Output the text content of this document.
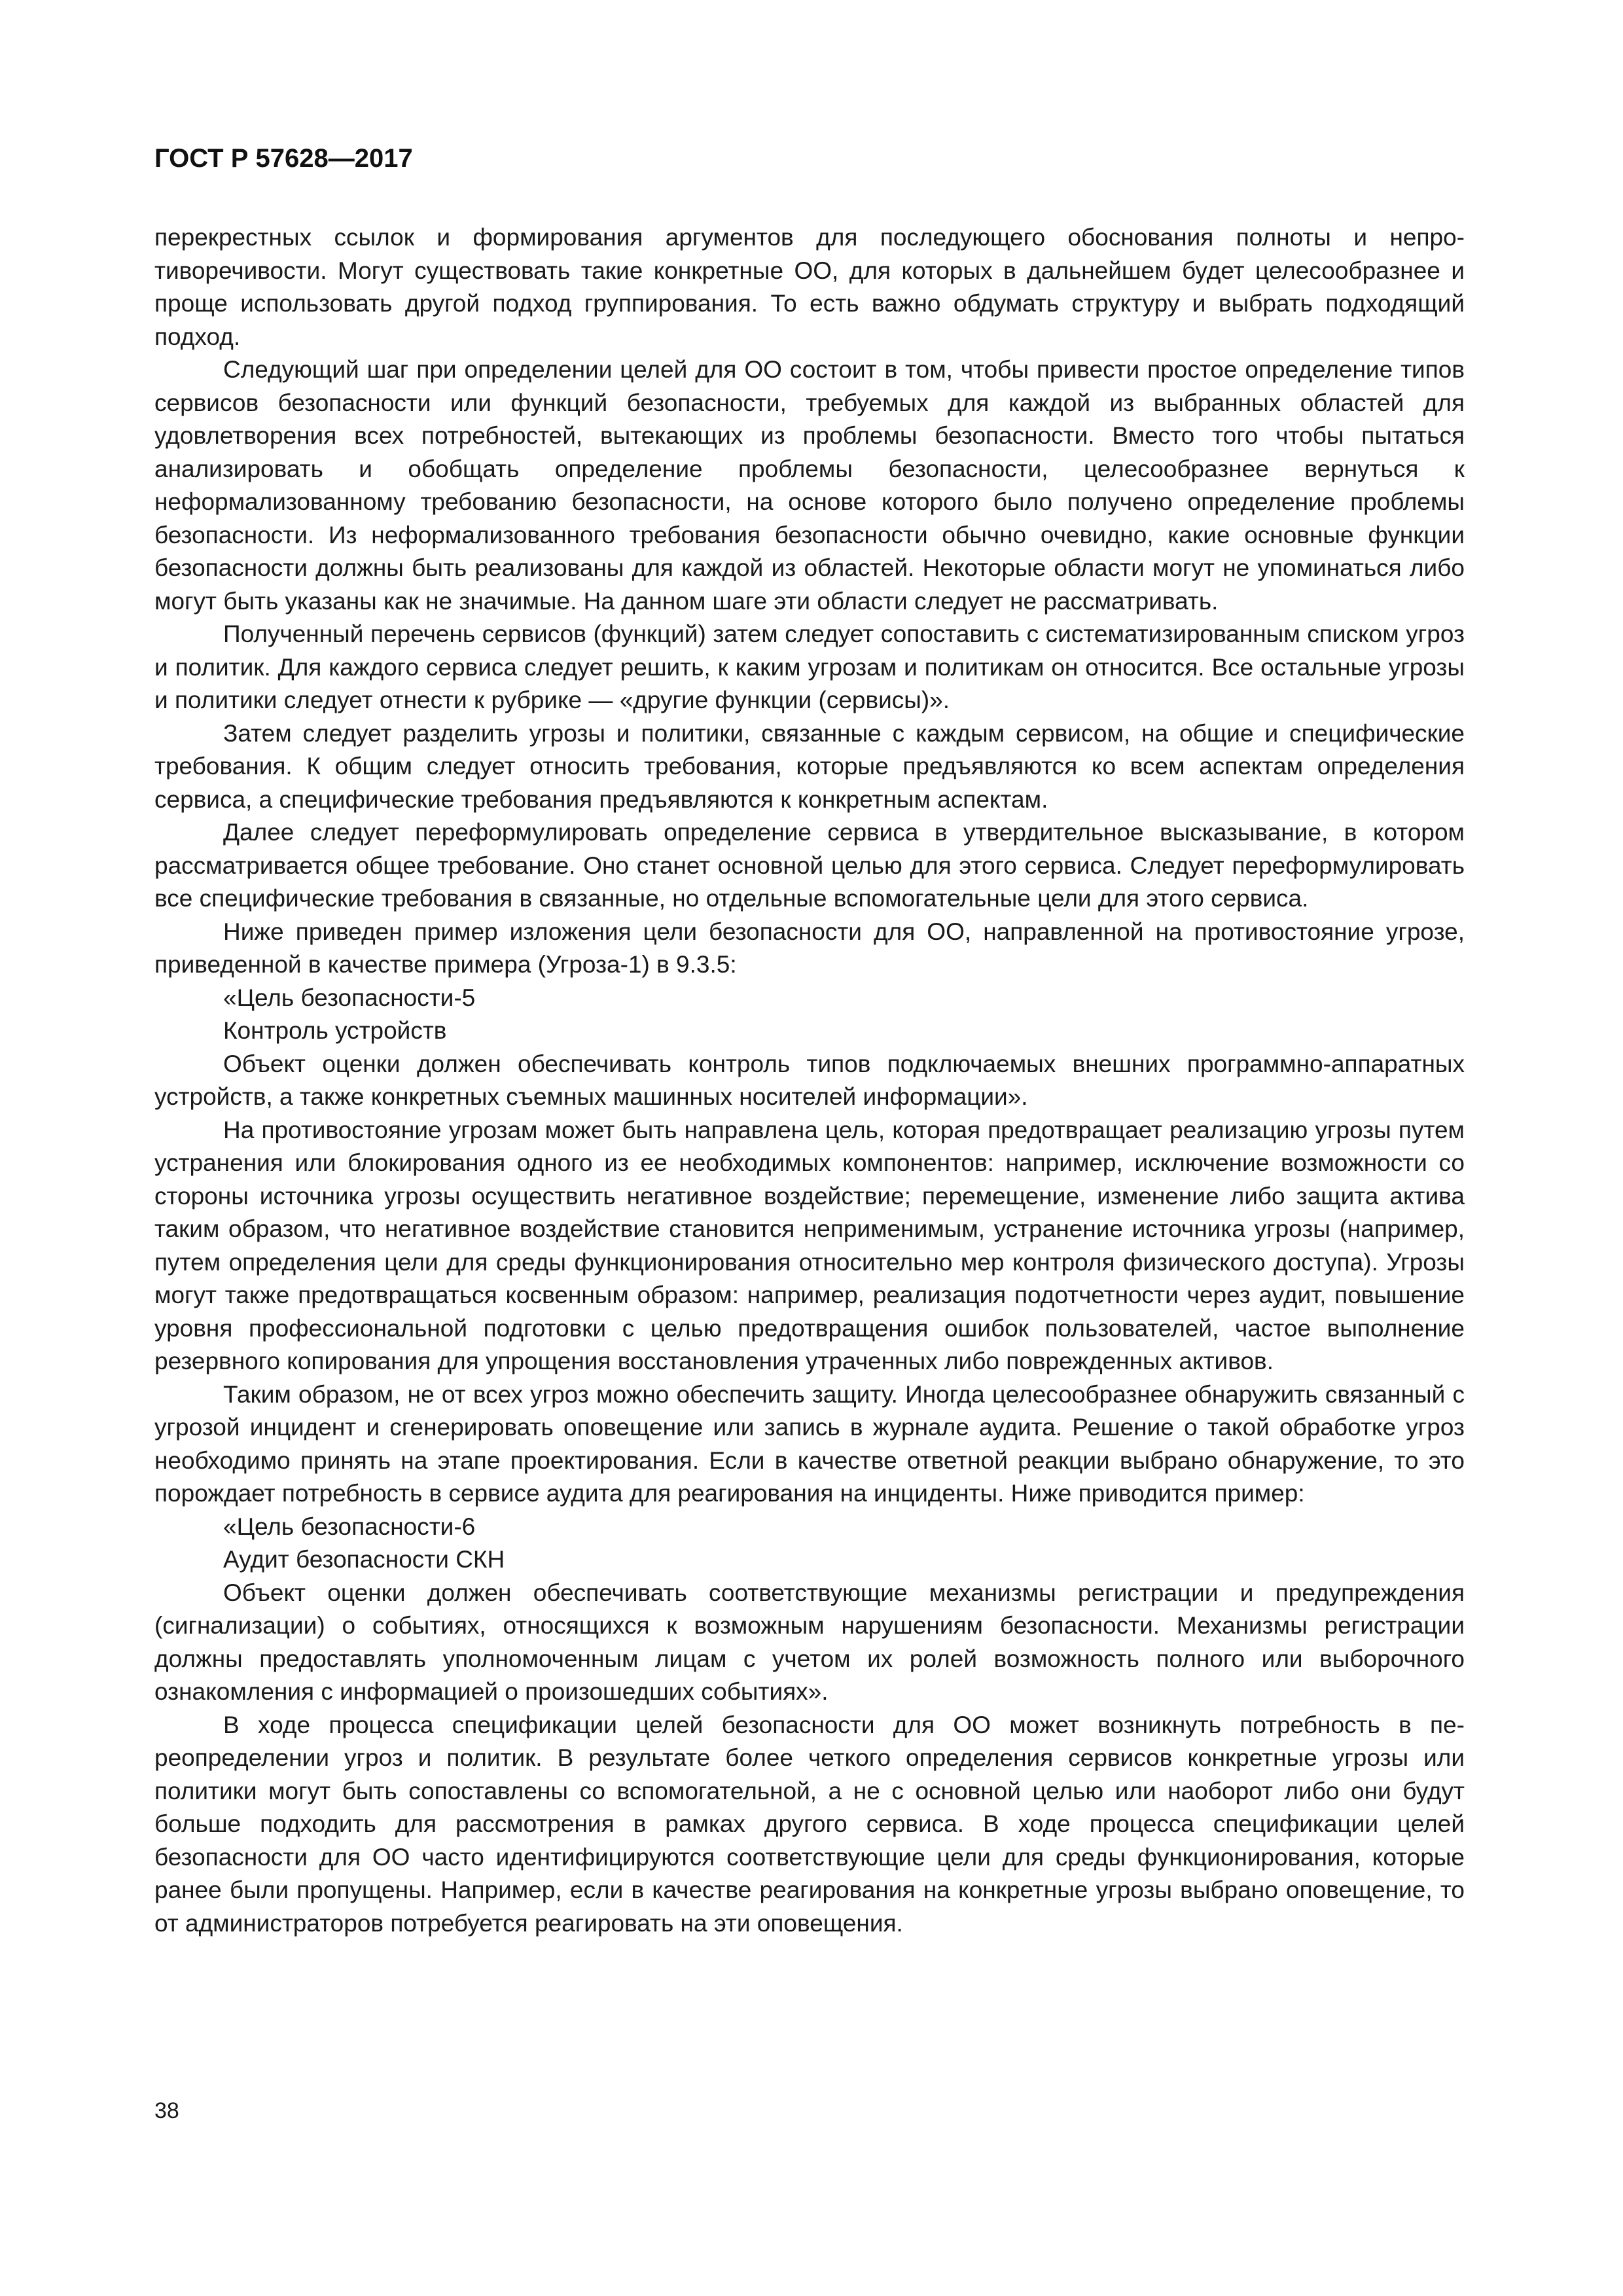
ГОСТ Р 57628—2017

перекрестных ссылок и формирования аргументов для последующего обоснования полноты и непротиворечивости. Могут существовать такие конкретные ОО, для которых в дальнейшем будет целесообразнее и проще использовать другой подход группирования. То есть важно обдумать структуру и выбрать подходящий подход.

Следующий шаг при определении целей для ОО состоит в том, чтобы привести простое определение типов сервисов безопасности или функций безопасности, требуемых для каждой из выбранных областей для удовлетворения всех потребностей, вытекающих из проблемы безопасности. Вместо того чтобы пытаться анализировать и обобщать определение проблемы безопасности, целесообразнее вернуться к неформализованному требованию безопасности, на основе которого было получено определение проблемы безопасности. Из неформализованного требования безопасности обычно очевидно, какие основные функции безопасности должны быть реализованы для каждой из областей. Некоторые области могут не упоминаться либо могут быть указаны как не значимые. На данном шаге эти области следует не рассматривать.

Полученный перечень сервисов (функций) затем следует сопоставить с систематизированным списком угроз и политик. Для каждого сервиса следует решить, к каким угрозам и политикам он относится. Все остальные угрозы и политики следует отнести к рубрике — «другие функции (сервисы)».

Затем следует разделить угрозы и политики, связанные с каждым сервисом, на общие и специфические требования. К общим следует относить требования, которые предъявляются ко всем аспектам определения сервиса, а специфические требования предъявляются к конкретным аспектам.

Далее следует переформулировать определение сервиса в утвердительное высказывание, в котором рассматривается общее требование. Оно станет основной целью для этого сервиса. Следует переформулировать все специфические требования в связанные, но отдельные вспомогательные цели для этого сервиса.

Ниже приведен пример изложения цели безопасности для ОО, направленной на противостояние угрозе, приведенной в качестве примера (Угроза-1) в 9.3.5:

«Цель безопасности-5

Контроль устройств

Объект оценки должен обеспечивать контроль типов подключаемых внешних программно-аппаратных устройств, а также конкретных съемных машинных носителей информации».

На противостояние угрозам может быть направлена цель, которая предотвращает реализацию угрозы путем устранения или блокирования одного из ее необходимых компонентов: например, исключение возможности со стороны источника угрозы осуществить негативное воздействие; перемещение, изменение либо защита актива таким образом, что негативное воздействие становится неприменимым, устранение источника угрозы (например, путем определения цели для среды функционирования относительно мер контроля физического доступа). Угрозы могут также предотвращаться косвенным образом: например, реализация подотчетности через аудит, повышение уровня профессиональной подготовки с целью предотвращения ошибок пользователей, частое выполнение резервного копирования для упрощения восстановления утраченных либо поврежденных активов.

Таким образом, не от всех угроз можно обеспечить защиту. Иногда целесообразнее обнаружить связанный с угрозой инцидент и сгенерировать оповещение или запись в журнале аудита. Решение о такой обработке угроз необходимо принять на этапе проектирования. Если в качестве ответной реакции выбрано обнаружение, то это порождает потребность в сервисе аудита для реагирования на инциденты. Ниже приводится пример:

«Цель безопасности-6

Аудит безопасности СКН

Объект оценки должен обеспечивать соответствующие механизмы регистрации и предупреждения (сигнализации) о событиях, относящихся к возможным нарушениям безопасности. Механизмы регистрации должны предоставлять уполномоченным лицам с учетом их ролей возможность полного или выборочного ознакомления с информацией о произошедших событиях».

В ходе процесса спецификации целей безопасности для ОО может возникнуть потребность в переопределении угроз и политик. В результате более четкого определения сервисов конкретные угрозы или политики могут быть сопоставлены со вспомогательной, а не с основной целью или наоборот либо они будут больше подходить для рассмотрения в рамках другого сервиса. В ходе процесса спецификации целей безопасности для ОО часто идентифицируются соответствующие цели для среды функционирования, которые ранее были пропущены. Например, если в качестве реагирования на конкретные угрозы выбрано оповещение, то от администраторов потребуется реагировать на эти оповещения.

38
